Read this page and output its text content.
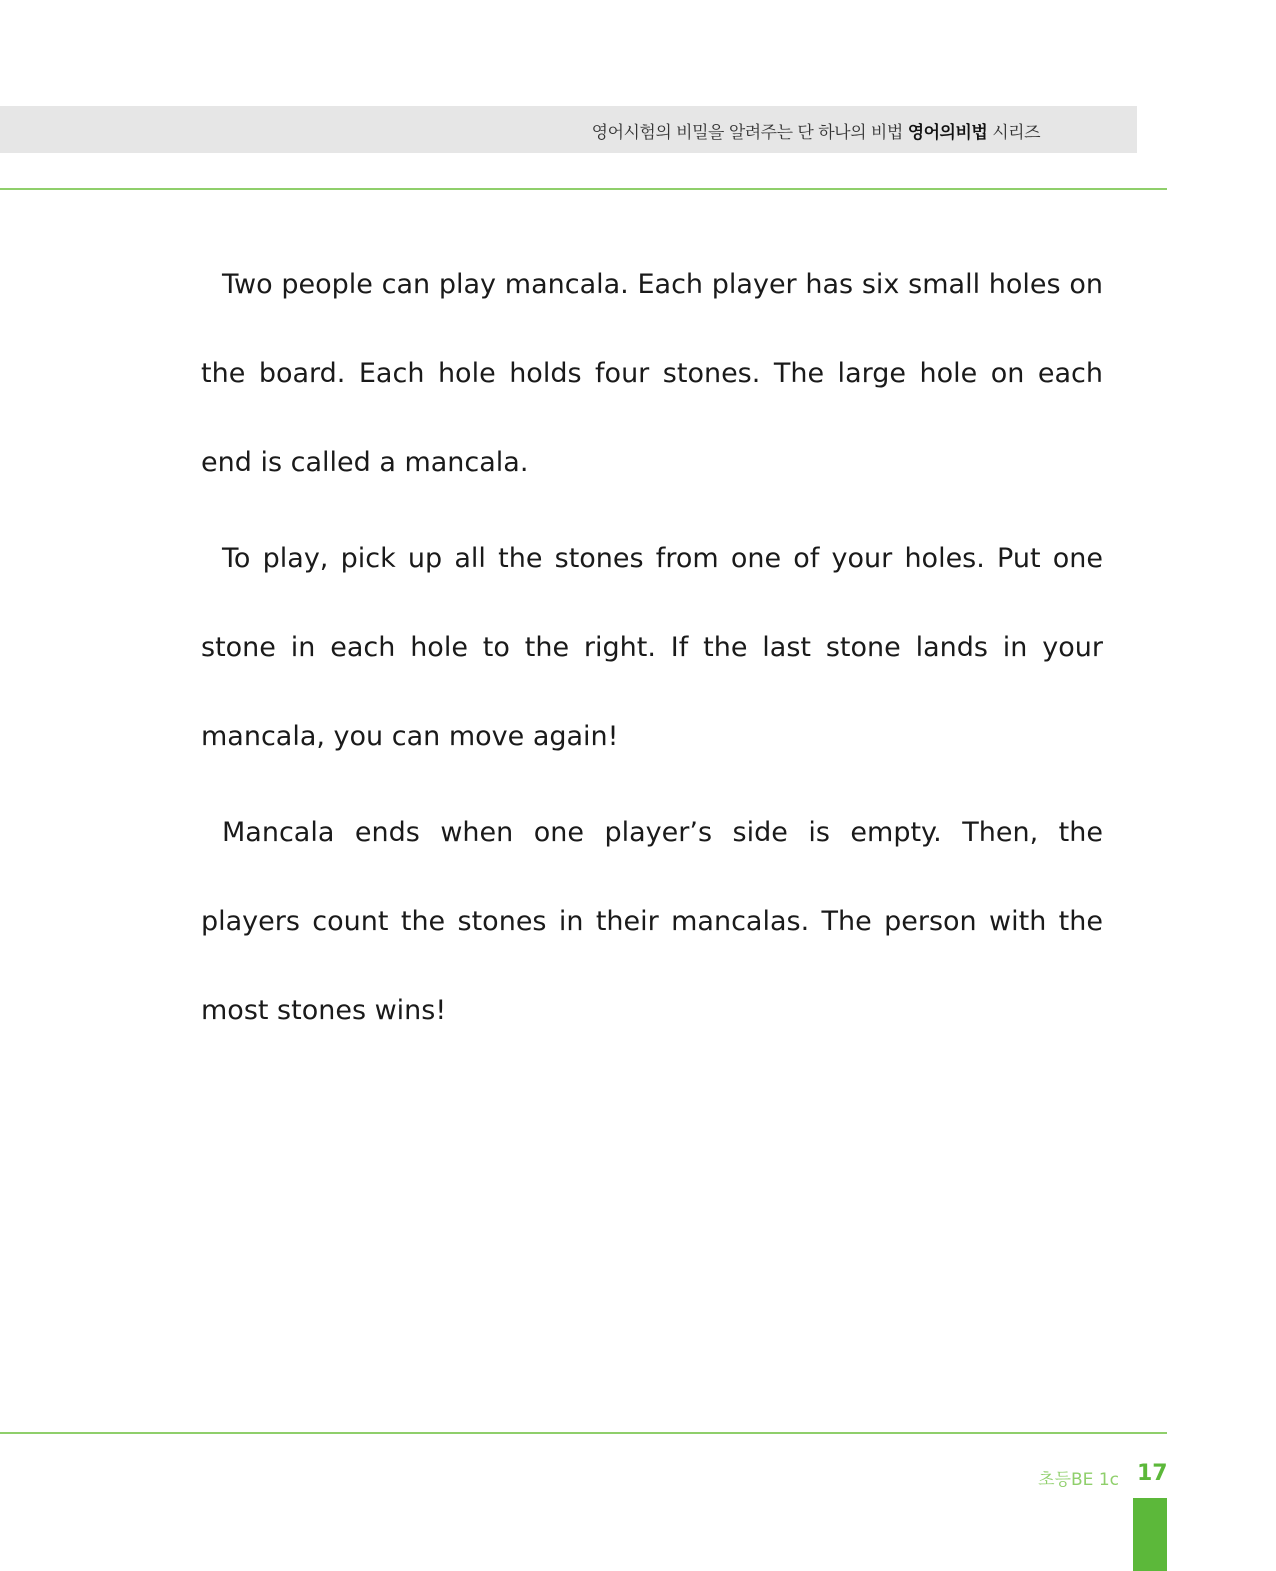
영어시험의 비밀을 알려주는 단 하나의 비법 영어의비법 시리즈

Two people can play mancala. Each player has six small holes on the board. Each hole holds four stones. The large hole on each end is called a mancala.

To play, pick up all the stones from one of your holes. Put one stone in each hole to the right. If the last stone lands in your mancala, you can move again!

Mancala ends when one player’s side is empty. Then, the players count the stones in their mancalas. The person with the most stones wins!

초등BE 1c 17
